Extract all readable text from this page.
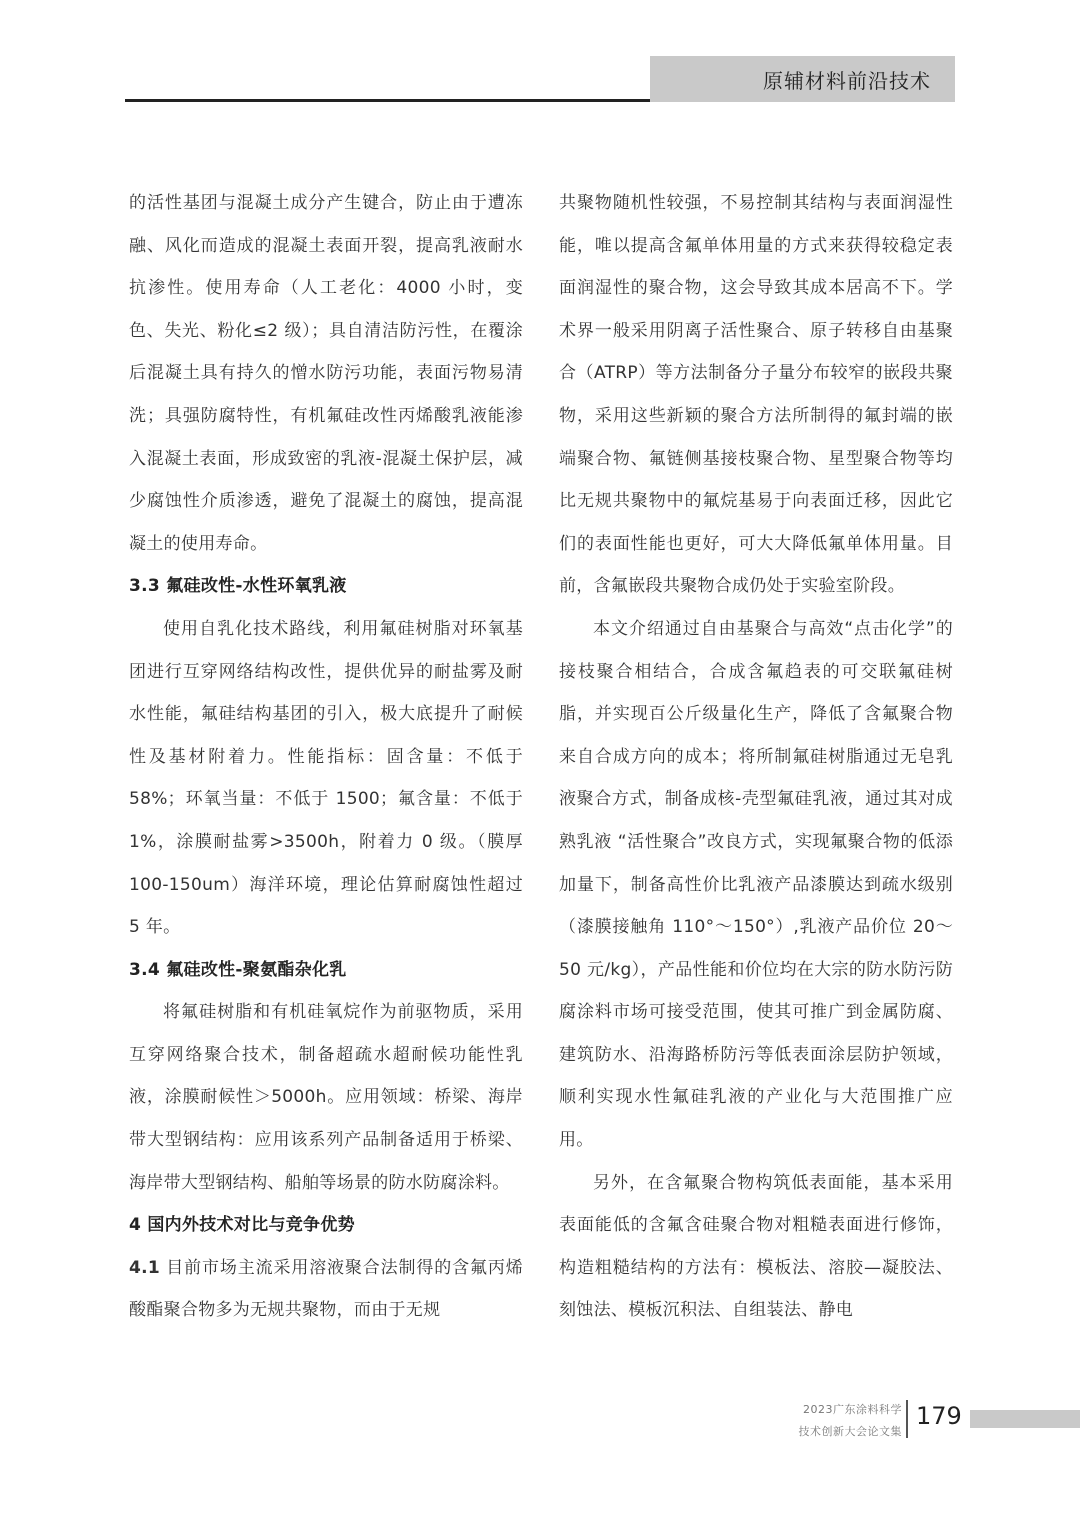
原辅材料前沿技术

的活性基团与混凝土成分产生键合，防止由于遭冻融、风化而造成的混凝土表面开裂，提高乳液耐水抗渗性。使用寿命（人工老化：4000 小时，变色、失光、粉化≤2 级）；具自清洁防污性，在覆涂后混凝土具有持久的憎水防污功能，表面污物易清洗；具强防腐特性，有机氟硅改性丙烯酸乳液能渗入混凝土表面，形成致密的乳液-混凝土保护层，减少腐蚀性介质渗透，避免了混凝土的腐蚀，提高混凝土的使用寿命。

3.3 氟硅改性-水性环氧乳液

使用自乳化技术路线，利用氟硅树脂对环氧基团进行互穿网络结构改性，提供优异的耐盐雾及耐水性能，氟硅结构基团的引入，极大底提升了耐候性及基材附着力。性能指标：固含量：不低于 58%；环氧当量：不低于 1500；氟含量：不低于 1%，涂膜耐盐雾>3500h，附着力 0 级。（膜厚 100-150um）海洋环境，理论估算耐腐蚀性超过 5 年。

3.4 氟硅改性-聚氨酯杂化乳

将氟硅树脂和有机硅氧烷作为前驱物质，采用互穿网络聚合技术，制备超疏水超耐候功能性乳液，涂膜耐候性＞5000h。应用领域：桥梁、海岸带大型钢结构：应用该系列产品制备适用于桥梁、海岸带大型钢结构、船舶等场景的防水防腐涂料。

4 国内外技术对比与竞争优势

4.1 目前市场主流采用溶液聚合法制得的含氟丙烯酸酯聚合物多为无规共聚物，而由于无规

共聚物随机性较强，不易控制其结构与表面润湿性能，唯以提高含氟单体用量的方式来获得较稳定表面润湿性的聚合物，这会导致其成本居高不下。学术界一般采用阴离子活性聚合、原子转移自由基聚合（ATRP）等方法制备分子量分布较窄的嵌段共聚物，采用这些新颖的聚合方法所制得的氟封端的嵌端聚合物、氟链侧基接枝聚合物、星型聚合物等均比无规共聚物中的氟烷基易于向表面迁移，因此它们的表面性能也更好，可大大降低氟单体用量。目前，含氟嵌段共聚物合成仍处于实验室阶段。

本文介绍通过自由基聚合与高效“点击化学”的接枝聚合相结合，合成含氟趋表的可交联氟硅树脂，并实现百公斤级量化生产，降低了含氟聚合物来自合成方向的成本；将所制氟硅树脂通过无皂乳液聚合方式，制备成核-壳型氟硅乳液，通过其对成熟乳液 “活性聚合”改良方式，实现氟聚合物的低添加量下，制备高性价比乳液产品漆膜达到疏水级别（漆膜接触角 110°～150°）,乳液产品价位 20～50 元/kg），产品性能和价位均在大宗的防水防污防腐涂料市场可接受范围，使其可推广到金属防腐、建筑防水、沿海路桥防污等低表面涂层防护领域，顺利实现水性氟硅乳液的产业化与大范围推广应用。

另外，在含氟聚合物构筑低表面能，基本采用表面能低的含氟含硅聚合物对粗糙表面进行修饰，构造粗糙结构的方法有：模板法、溶胶—凝胶法、刻蚀法、模板沉积法、自组装法、静电

2023广东涂料科学
技术创新大会论文集
179
